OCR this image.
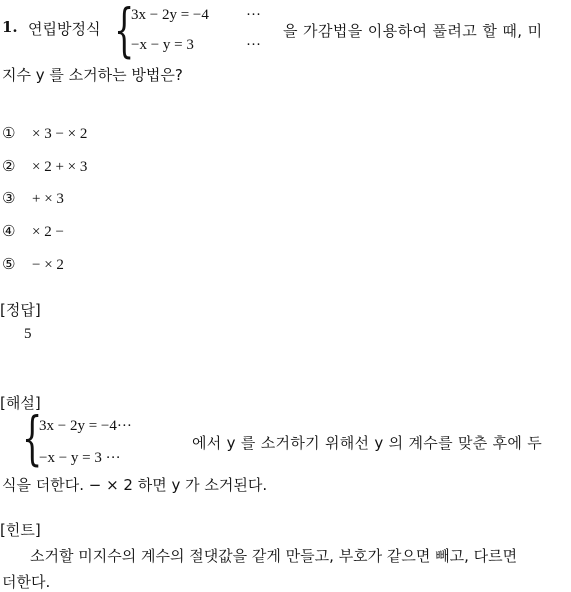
1. 연립방정식 {
3x − 2y = −4 ···
−x − y = 3	···
을 가감법을 이용하여 풀려고 할 때, 미
지수 y 를 소거하는 방법은?
① × 3 − × 2
② × 2 + × 3
③ + × 3
④ × 2 −
⑤ − × 2
[정답]
5
[해설]
{
3x − 2y = −4···
−x − y = 3 ···
에서 y 를 소거하기 위해선 y 의 계수를 맞춘 후에 두
식을 더한다. − × 2 하면 y 가 소거된다.
[힌트]
소거할 미지수의 계수의 절댓값을 같게 만들고, 부호가 같으면 빼고, 다르면
더한다.
